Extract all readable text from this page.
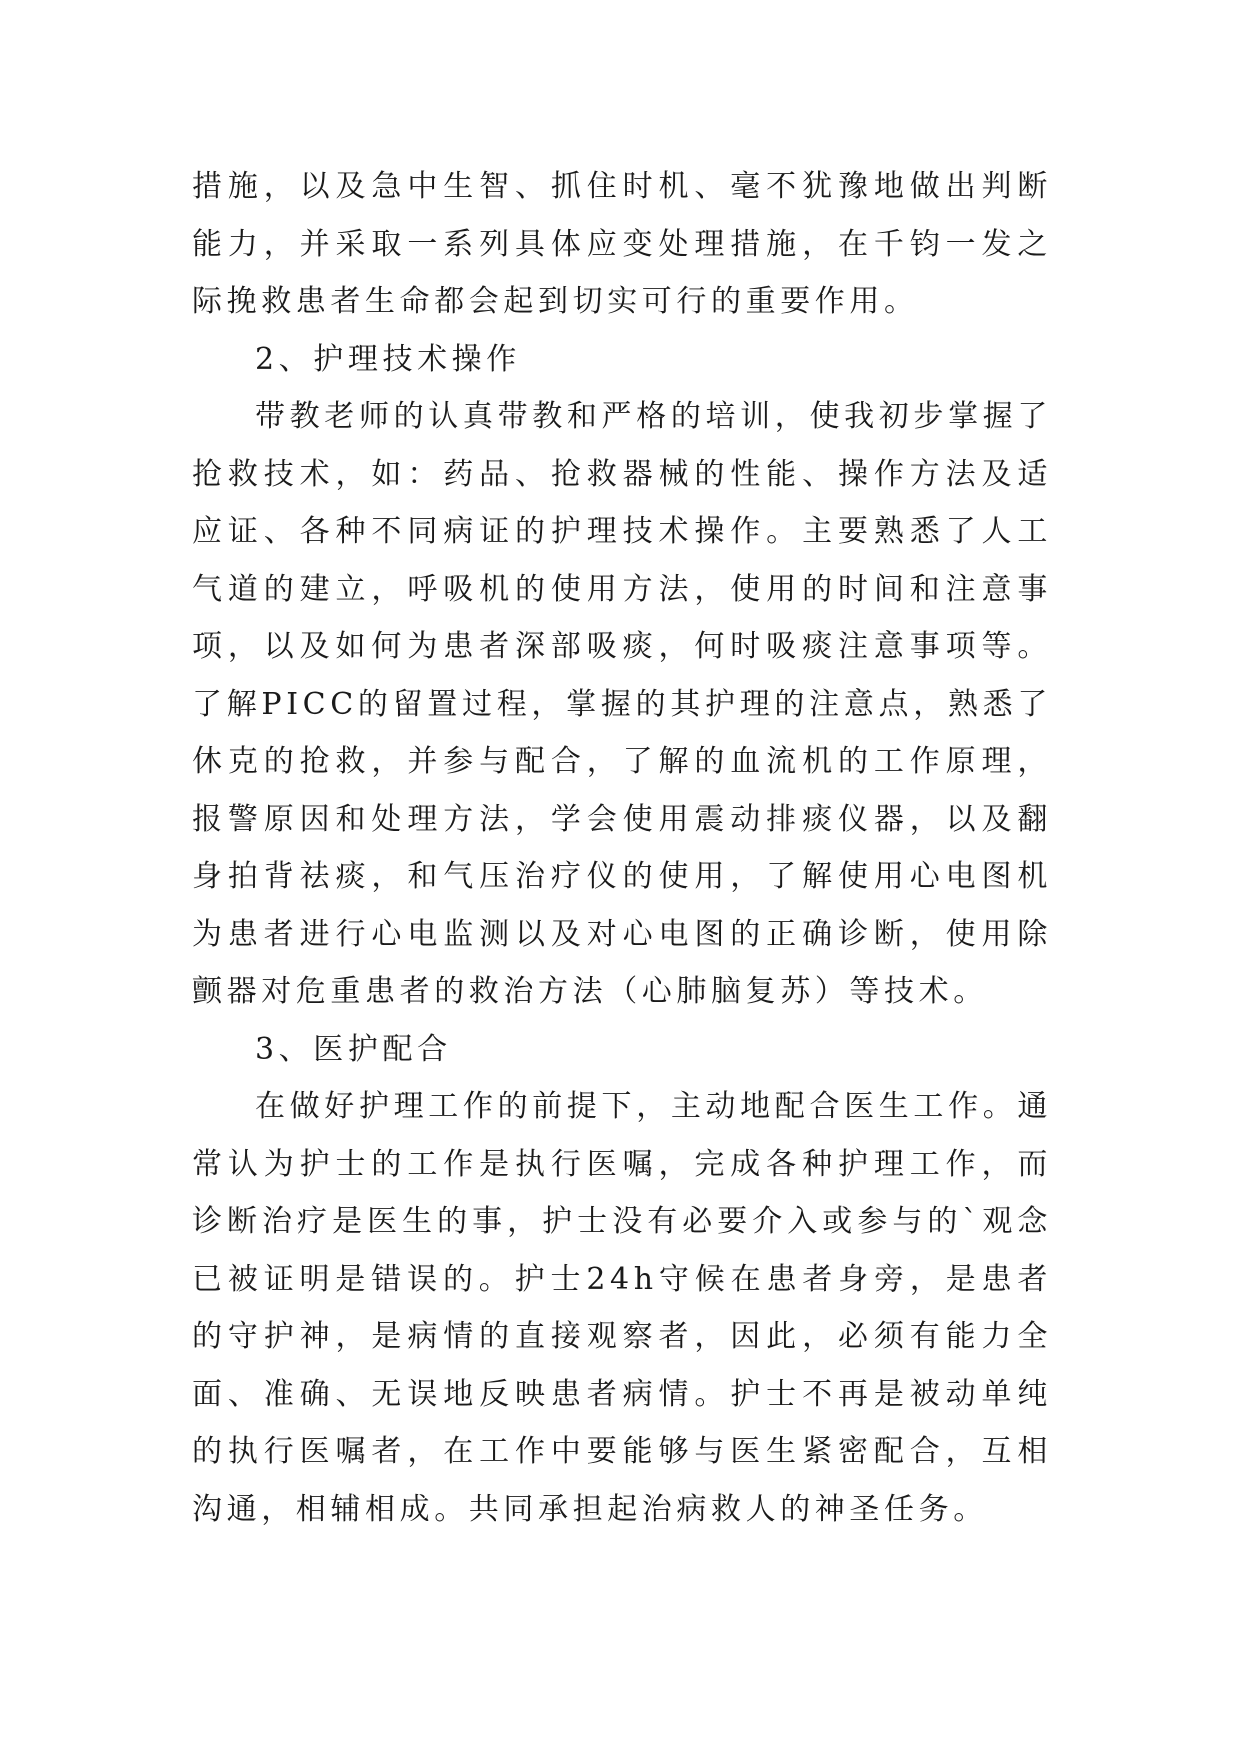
措施，以及急中生智、抓住时机、毫不犹豫地做出判断能力，并采取一系列具体应变处理措施，在千钧一发之际挽救患者生命都会起到切实可行的重要作用。

2、护理技术操作

带教老师的认真带教和严格的培训，使我初步掌握了抢救技术，如：药品、抢救器械的性能、操作方法及适应证、各种不同病证的护理技术操作。主要熟悉了人工气道的建立，呼吸机的使用方法，使用的时间和注意事项，以及如何为患者深部吸痰，何时吸痰注意事项等。了解PICC的留置过程，掌握的其护理的注意点，熟悉了休克的抢救，并参与配合，了解的血流机的工作原理，报警原因和处理方法，学会使用震动排痰仪器，以及翻身拍背祛痰，和气压治疗仪的使用，了解使用心电图机为患者进行心电监测以及对心电图的正确诊断，使用除颤器对危重患者的救治方法（心肺脑复苏）等技术。

3、医护配合

在做好护理工作的前提下，主动地配合医生工作。通常认为护士的工作是执行医嘱，完成各种护理工作，而诊断治疗是医生的事，护士没有必要介入或参与的`观念已被证明是错误的。护士24h守候在患者身旁，是患者的守护神，是病情的直接观察者，因此，必须有能力全面、准确、无误地反映患者病情。护士不再是被动单纯的执行医嘱者，在工作中要能够与医生紧密配合，互相沟通，相辅相成。共同承担起治病救人的神圣任务。
